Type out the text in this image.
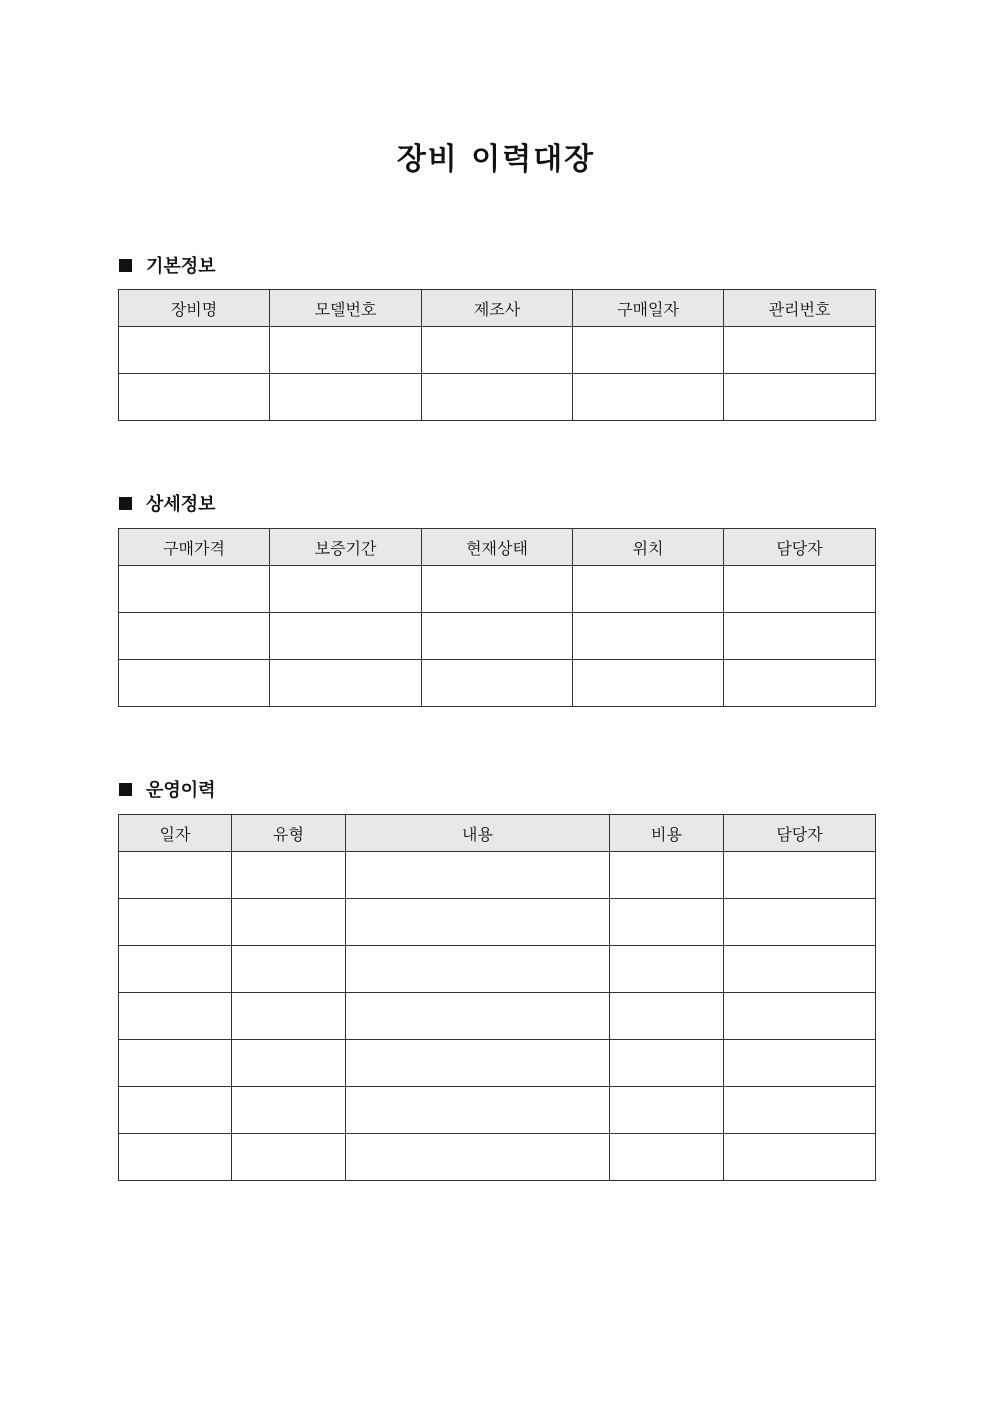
장비 이력대장
기본정보
장비명	모델번호	제조사	구매일자	관리번호

상세정보
구매가격	보증기간	현재상태	위치	담당자

운영이력
일자	유형	내용	비용	담당자
